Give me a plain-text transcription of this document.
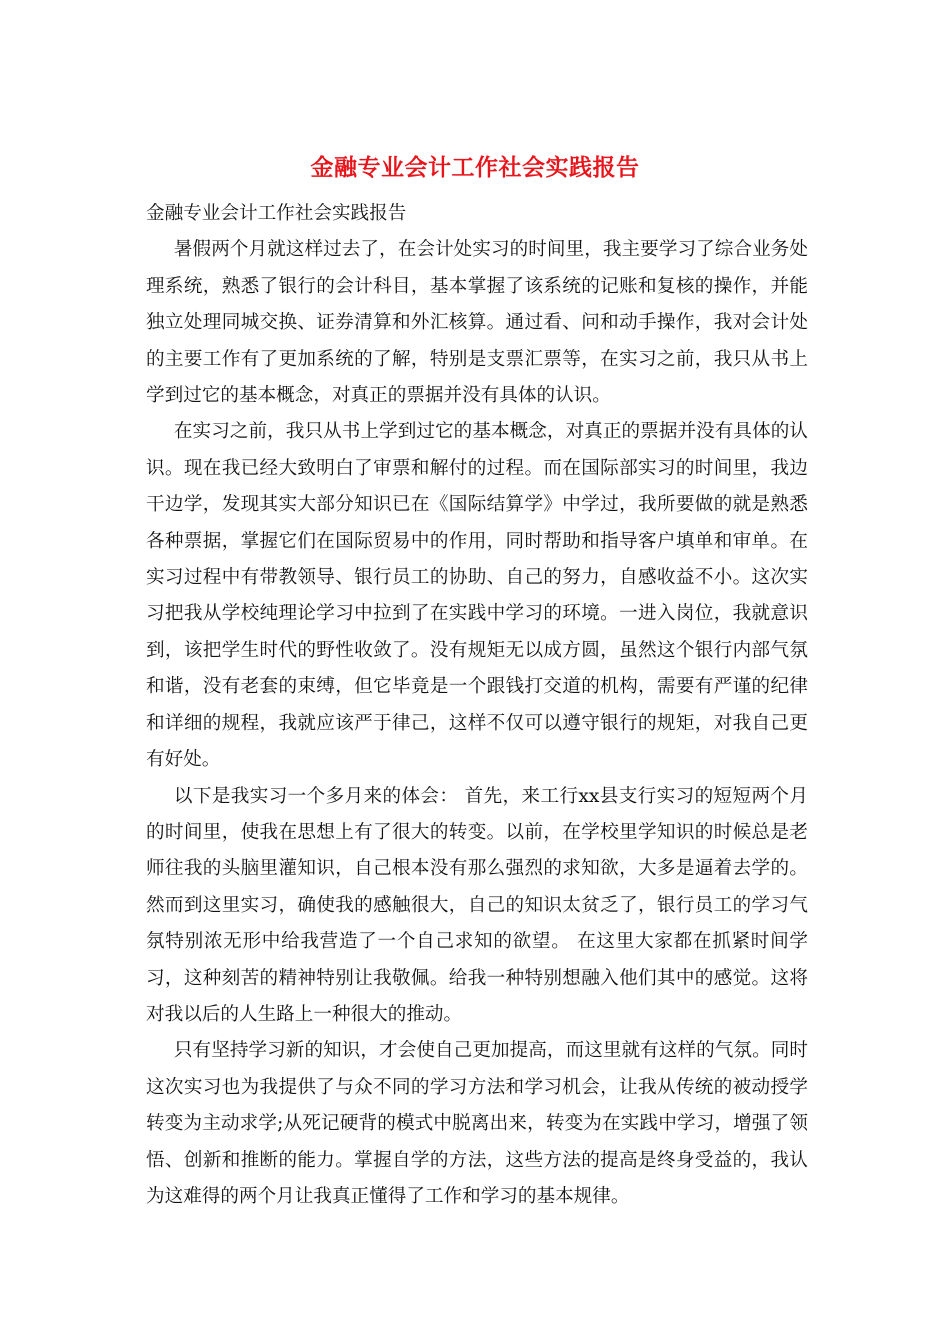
金融专业会计工作社会实践报告

金融专业会计工作社会实践报告

暑假两个月就这样过去了，在会计处实习的时间里，我主要学习了综合业务处理系统，熟悉了银行的会计科目，基本掌握了该系统的记账和复核的操作，并能独立处理同城交换、证券清算和外汇核算。通过看、问和动手操作，我对会计处的主要工作有了更加系统的了解，特别是支票汇票等，在实习之前，我只从书上学到过它的基本概念，对真正的票据并没有具体的认识。

在实习之前，我只从书上学到过它的基本概念，对真正的票据并没有具体的认识。现在我已经大致明白了审票和解付的过程。而在国际部实习的时间里，我边干边学，发现其实大部分知识已在《国际结算学》中学过，我所要做的就是熟悉各种票据，掌握它们在国际贸易中的作用，同时帮助和指导客户填单和审单。在实习过程中有带教领导、银行员工的协助、自己的努力，自感收益不小。这次实习把我从学校纯理论学习中拉到了在实践中学习的环境。一进入岗位，我就意识到，该把学生时代的野性收敛了。没有规矩无以成方圆，虽然这个银行内部气氛和谐，没有老套的束缚，但它毕竟是一个跟钱打交道的机构，需要有严谨的纪律和详细的规程，我就应该严于律己，这样不仅可以遵守银行的规矩，对我自己更有好处。

以下是我实习一个多月来的体会： 首先，来工行xx县支行实习的短短两个月的时间里，使我在思想上有了很大的转变。以前，在学校里学知识的时候总是老师往我的头脑里灌知识，自己根本没有那么强烈的求知欲，大多是逼着去学的。然而到这里实习，确使我的感触很大，自己的知识太贫乏了，银行员工的学习气氛特别浓无形中给我营造了一个自己求知的欲望。 在这里大家都在抓紧时间学习，这种刻苦的精神特别让我敬佩。给我一种特别想融入他们其中的感觉。这将对我以后的人生路上一种很大的推动。

只有坚持学习新的知识，才会使自己更加提高，而这里就有这样的气氛。同时这次实习也为我提供了与众不同的学习方法和学习机会，让我从传统的被动授学转变为主动求学;从死记硬背的模式中脱离出来，转变为在实践中学习，增强了领悟、创新和推断的能力。掌握自学的方法，这些方法的提高是终身受益的，我认为这难得的两个月让我真正懂得了工作和学习的基本规律。
